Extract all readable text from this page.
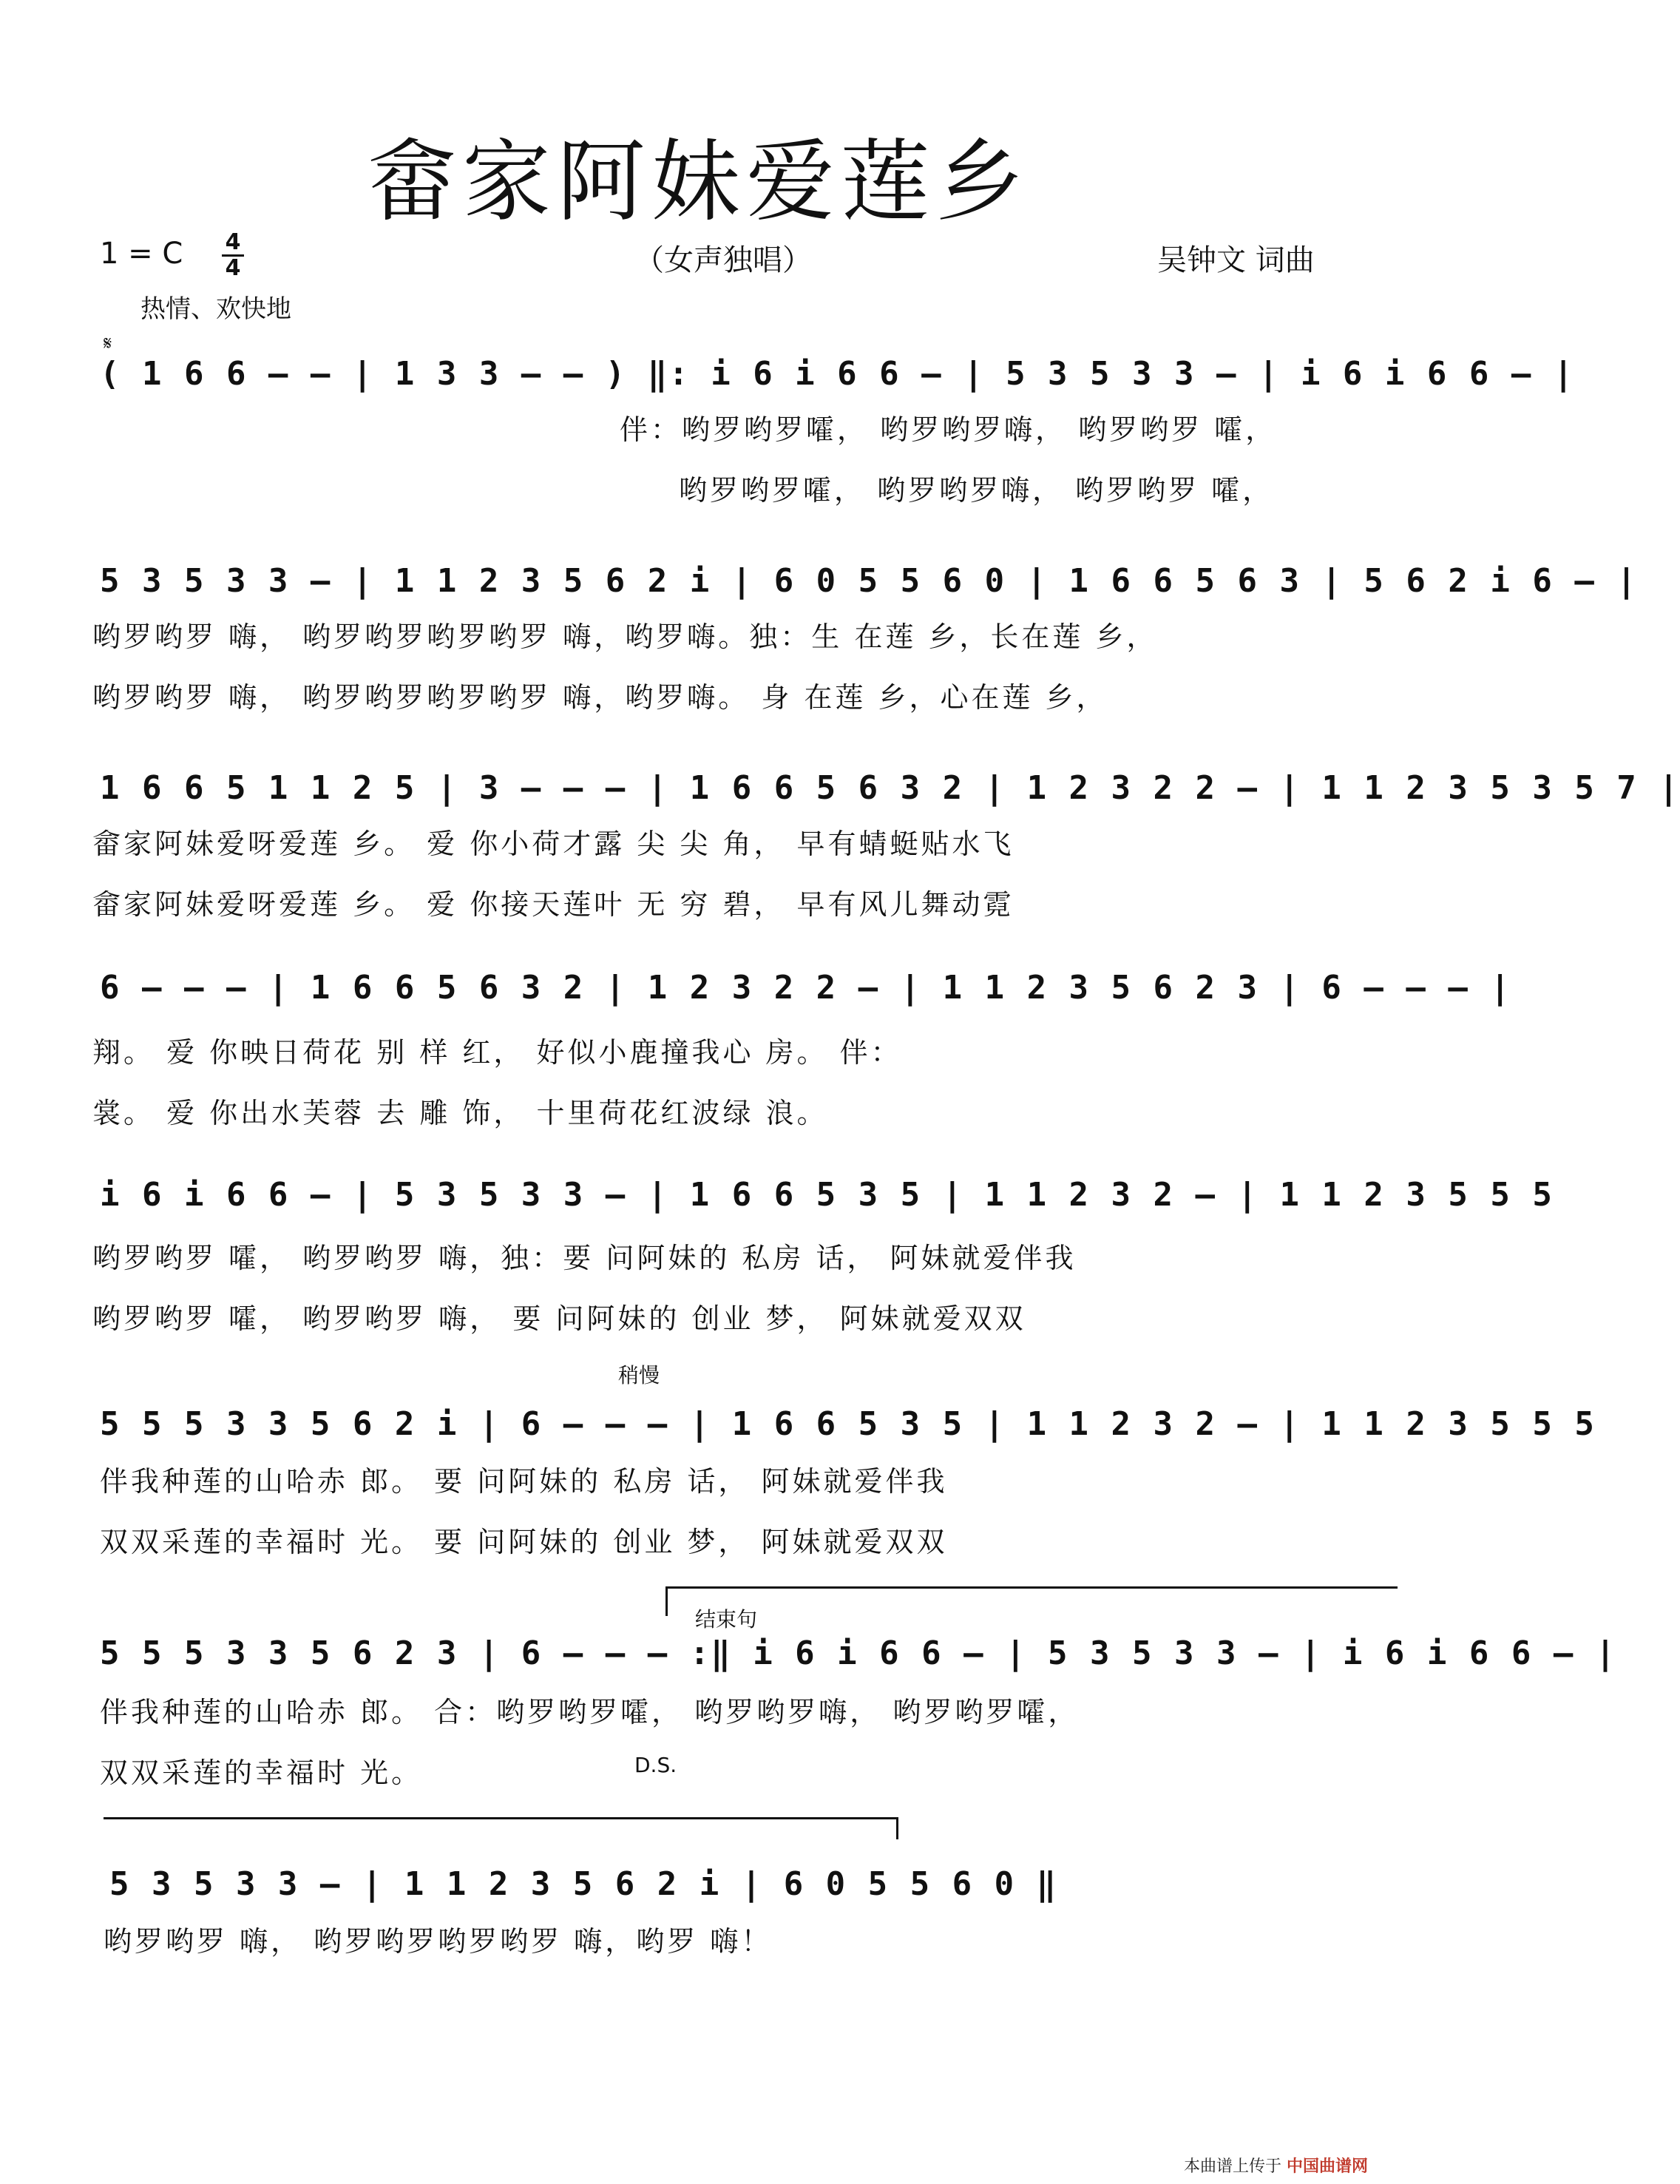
畲家阿妹爱莲乡
1 = C 4
4	（女声独唱）	吴钟文 词曲
热情、欢快地
𝄋
( 1 6 6 – – | 1 3 3 – – ) ‖: i 6 i 6 6 – | 5 3 5 3 3 – | i 6 i 6 6 – |
伴：哟罗哟罗嚯， 哟罗哟罗嗨， 哟罗哟罗 嚯，
哟罗哟罗嚯， 哟罗哟罗嗨， 哟罗哟罗 嚯，
5 3 5 3 3 – | 1 1 2 3 5 6 2 i | 6 0 5 5 6 0 | 1 6 6 5 6 3 | 5 6 2 i 6 – |
哟罗哟罗 嗨， 哟罗哟罗哟罗哟罗 嗨，哟罗嗨。独：生 在莲 乡，长在莲 乡，
哟罗哟罗 嗨， 哟罗哟罗哟罗哟罗 嗨，哟罗嗨。 身 在莲 乡，心在莲 乡，
1 6 6 5 1 1 2 5 | 3 – – – | 1 6 6 5 6 3 2 | 1 2 3 2 2 – | 1 1 2 3 5 3 5 7 |
畲家阿妹爱呀爱莲 乡。 爱 你小荷才露 尖 尖 角， 早有蜻蜓贴水飞
畲家阿妹爱呀爱莲 乡。 爱 你接天莲叶 无 穷 碧， 早有风儿舞动霓
6 – – – | 1 6 6 5 6 3 2 | 1 2 3 2 2 – | 1 1 2 3 5 6 2 3 | 6 – – – |
翔。 爱 你映日荷花 别 样 红， 好似小鹿撞我心 房。 伴：
裳。 爱 你出水芙蓉 去 雕 饰， 十里荷花红波绿 浪。
i 6 i 6 6 – | 5 3 5 3 3 – | 1 6 6 5 3 5 | 1 1 2 3 2 – | 1 1 2 3 5 5 5
哟罗哟罗 嚯， 哟罗哟罗 嗨，独：要 问阿妹的 私房 话， 阿妹就爱伴我
哟罗哟罗 嚯， 哟罗哟罗 嗨， 要 问阿妹的 创业 梦， 阿妹就爱双双
稍慢
5 5 5 3 3 5 6 2 i | 6 – – – | 1 6 6 5 3 5 | 1 1 2 3 2 – | 1 1 2 3 5 5 5
伴我种莲的山哈赤 郎。 要 问阿妹的 私房 话， 阿妹就爱伴我
双双采莲的幸福时 光。 要 问阿妹的 创业 梦， 阿妹就爱双双
结束句
5 5 5 3 3 5 6 2 3 | 6 – – – :‖ i 6 i 6 6 – | 5 3 5 3 3 – | i 6 i 6 6 – |
伴我种莲的山哈赤 郎。 合：哟罗哟罗嚯， 哟罗哟罗嗨， 哟罗哟罗嚯，
双双采莲的幸福时 光。	D.S.
5 3 5 3 3 – | 1 1 2 3 5 6 2 i | 6 0 5 5 6 0 ‖
哟罗哟罗 嗨， 哟罗哟罗哟罗哟罗 嗨，哟罗 嗨！
本曲谱上传于 中国曲谱网
